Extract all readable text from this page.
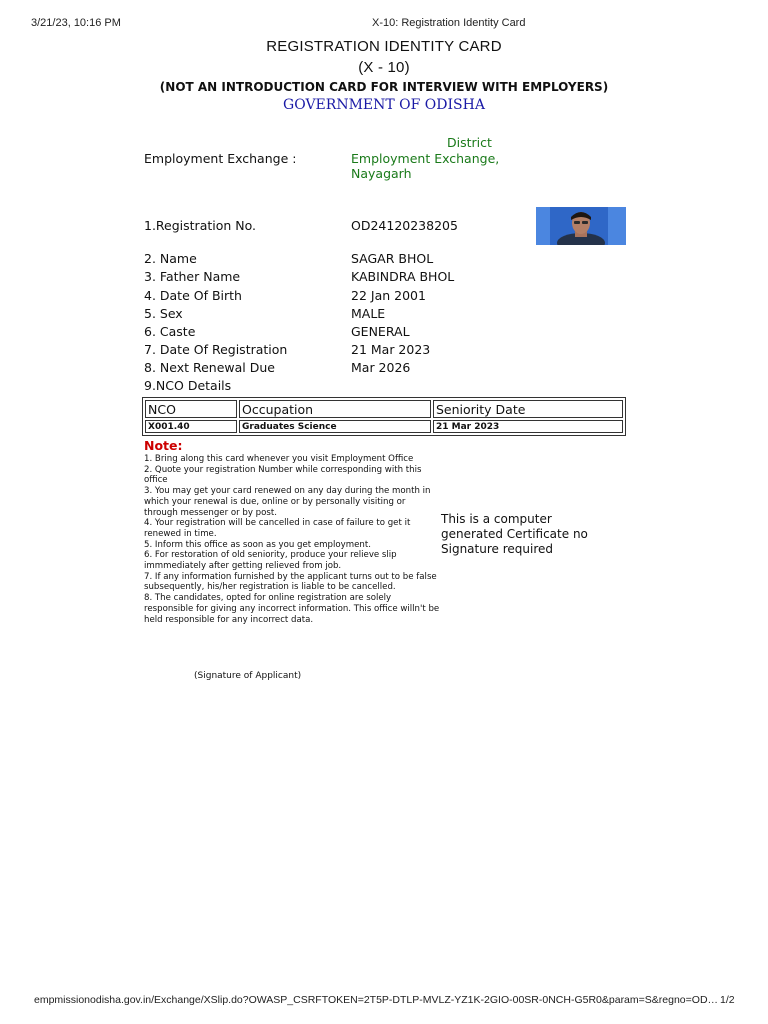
3/21/23, 10:16 PM	X-10: Registration Identity Card
REGISTRATION IDENTITY CARD
(X - 10)
(NOT AN INTRODUCTION CARD FOR INTERVIEW WITH EMPLOYERS)
GOVERNMENT OF ODISHA
Employment Exchange :
District
Employment Exchange,
Nayagarh
1.Registration No.	OD24120238205
2. Name	SAGAR BHOL
3. Father Name	KABINDRA BHOL
4. Date Of Birth	22 Jan 2001
5. Sex	MALE
6. Caste	GENERAL
7. Date Of Registration	21 Mar 2023
8. Next Renewal Due	Mar 2026
9.NCO Details
NCO	Occupation	Seniority Date
X001.40	Graduates Science	21 Mar 2023
Note:

1. Bring along this card whenever you visit Employment Office

2. Quote your registration Number while corresponding with this

office

3. You may get your card renewed on any day during the month in

which your renewal is due, online or by personally visiting or

through messenger or by post.

4. Your registration will be cancelled in case of failure to get it

renewed in time.

5. Inform this office as soon as you get employment.

6. For restoration of old seniority, produce your relieve slip

immmediately after getting relieved from job.

7. If any information furnished by the applicant turns out to be false

subsequently, his/her registration is liable to be cancelled.

8. The candidates, opted for online registration are solely

responsible for giving any incorrect information. This office willn't be

held responsible for any incorrect data.

This is a computer
generated Certificate no
Signature required
(Signature of Applicant)
empmissionodisha.gov.in/Exchange/XSlip.do?OWASP_CSRFTOKEN=2T5P-DTLP-MVLZ-YZ1K-2GIO-00SR-0NCH-G5R0&param=S&regno=OD… 1/2
